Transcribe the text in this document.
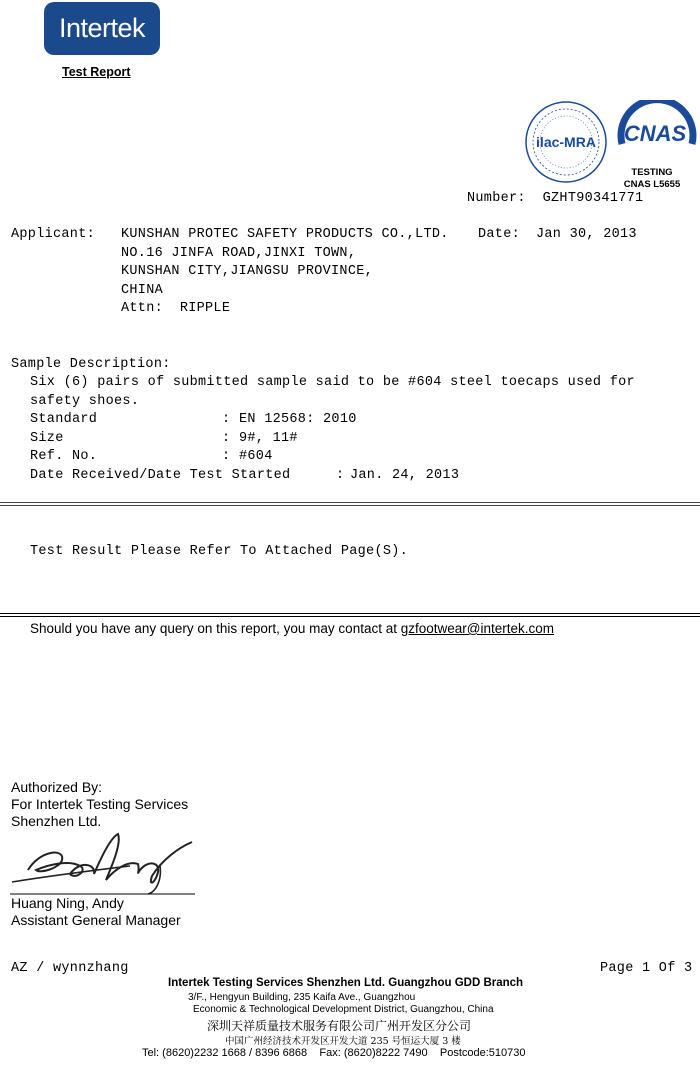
Intertek
Test Report
ilac-MRA CNAS
TESTING
CNAS L5655
Number: GZHT90341771
Applicant: KUNSHAN PROTEC SAFETY PRODUCTS CO.,LTD. Date: Jan 30, 2013
NO.16 JINFA ROAD,JINXI TOWN,
KUNSHAN CITY,JIANGSU PROVINCE,
CHINA
Attn: RIPPLE
Sample Description:
Six (6) pairs of submitted sample said to be #604 steel toecaps used for
safety shoes.
Standard	: EN 12568: 2010
Size	: 9#, 11#
Ref. No.	: #604
Date Received/Date Test Started	: Jan. 24, 2013
Test Result Please Refer To Attached Page(S).
Should you have any query on this report, you may contact at gzfootwear@intertek.com
Authorized By:
For Intertek Testing Services
Shenzhen Ltd.
Huang Ning, Andy
Assistant General Manager
AZ / wynnzhang	Page 1 Of 3
Intertek Testing Services Shenzhen Ltd. Guangzhou GDD Branch
3/F., Hengyun Building, 235 Kaifa Ave., Guangzhou
Economic & Technological Development District, Guangzhou, China
深圳天祥质量技术服务有限公司广州开发区分公司
中国广州经济技术开发区开发大道 235 号恒运大厦 3 楼
Tel: (8620)2232 1668 / 8396 6868 Fax: (8620)8222 7490 Postcode:510730
